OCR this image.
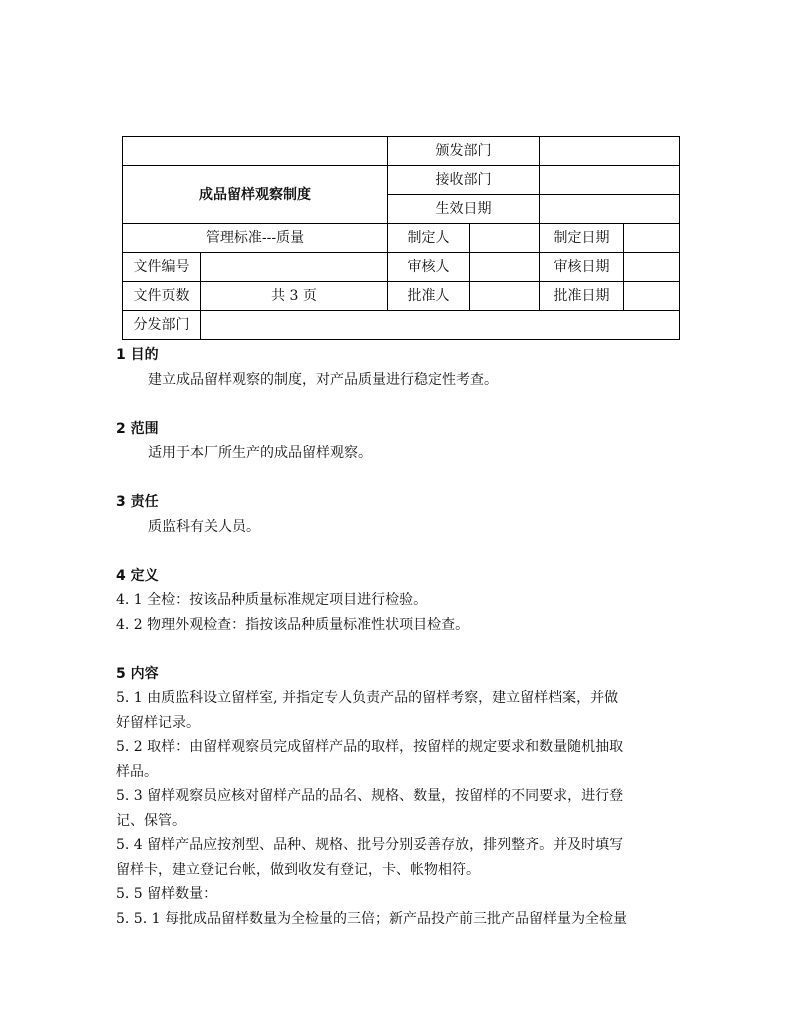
		颁发部门			
成品留样观察制度		接收部门			
		生效日期			
管理标准---质量		制定人		制定日期	
文件编号		审核人		审核日期	
文件页数	共 3 页	批准人		批准日期	
分发部门					
1 目的
建立成品留样观察的制度，对产品质量进行稳定性考查。
2 范围
适用于本厂所生产的成品留样观察。
3 责任
质监科有关人员。
4 定义
4. 1 全检：按该品种质量标准规定项目进行检验。
4. 2 物理外观检查：指按该品种质量标准性状项目检查。
5 内容
5. 1 由质监科设立留样室, 并指定专人负责产品的留样考察，建立留样档案，并做
好留样记录。
5. 2 取样：由留样观察员完成留样产品的取样，按留样的规定要求和数量随机抽取
样品。
5. 3 留样观察员应核对留样产品的品名、规格、数量，按留样的不同要求，进行登
记、保管。
5. 4 留样产品应按剂型、品种、规格、批号分别妥善存放，排列整齐。并及时填写
留样卡，建立登记台帐，做到收发有登记，卡、帐物相符。
5. 5 留样数量：
5. 5. 1 每批成品留样数量为全检量的三倍；新产品投产前三批产品留样量为全检量
